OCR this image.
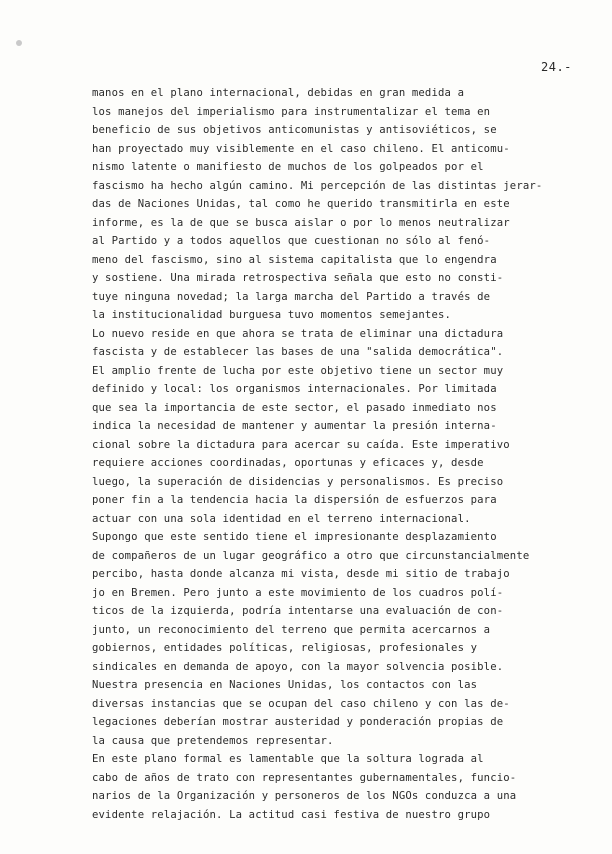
24.-
manos en el plano internacional, debidas en gran medida a
los manejos del imperialismo para instrumentalizar el tema en
beneficio de sus objetivos anticomunistas y antisoviéticos, se
han proyectado muy visiblemente en el caso chileno. El anticomu-
nismo latente o manifiesto de muchos de los golpeados por el
fascismo ha hecho algún camino. Mi percepción de las distintas jerar-
das de Naciones Unidas, tal como he querido transmitirla en este
informe, es la de que se busca aislar o por lo menos neutralizar
al Partido y a todos aquellos que cuestionan no sólo al fenó-
meno del fascismo, sino al sistema capitalista que lo engendra
y sostiene. Una mirada retrospectiva señala que esto no consti-
tuye ninguna novedad; la larga marcha del Partido a través de
la institucionalidad burguesa tuvo momentos semejantes.
Lo nuevo reside en que ahora se trata de eliminar una dictadura
fascista y de establecer las bases de una "salida democrática".
El amplio frente de lucha por este objetivo tiene un sector muy
definido y local: los organismos internacionales. Por limitada
que sea la importancia de este sector, el pasado inmediato nos
indica la necesidad de mantener y aumentar la presión interna-
cional sobre la dictadura para acercar su caída. Este imperativo
requiere acciones coordinadas, oportunas y eficaces y, desde
luego, la superación de disidencias y personalismos. Es preciso
poner fin a la tendencia hacia la dispersión de esfuerzos para
actuar con una sola identidad en el terreno internacional.
Supongo que este sentido tiene el impresionante desplazamiento
de compañeros de un lugar geográfico a otro que circunstancialmente
percibo, hasta donde alcanza mi vista, desde mi sitio de trabajo
jo en Bremen. Pero junto a este movimiento de los cuadros polí-
ticos de la izquierda, podría intentarse una evaluación de con-
junto, un reconocimiento del terreno que permita acercarnos a
gobiernos, entidades políticas, religiosas, profesionales y
sindicales en demanda de apoyo, con la mayor solvencia posible.
Nuestra presencia en Naciones Unidas, los contactos con las
diversas instancias que se ocupan del caso chileno y con las de-
legaciones deberían mostrar austeridad y ponderación propias de
la causa que pretendemos representar.
En este plano formal es lamentable que la soltura lograda al
cabo de años de trato con representantes gubernamentales, funcio-
narios de la Organización y personeros de los NGOs conduzca a una
evidente relajación. La actitud casi festiva de nuestro grupo
